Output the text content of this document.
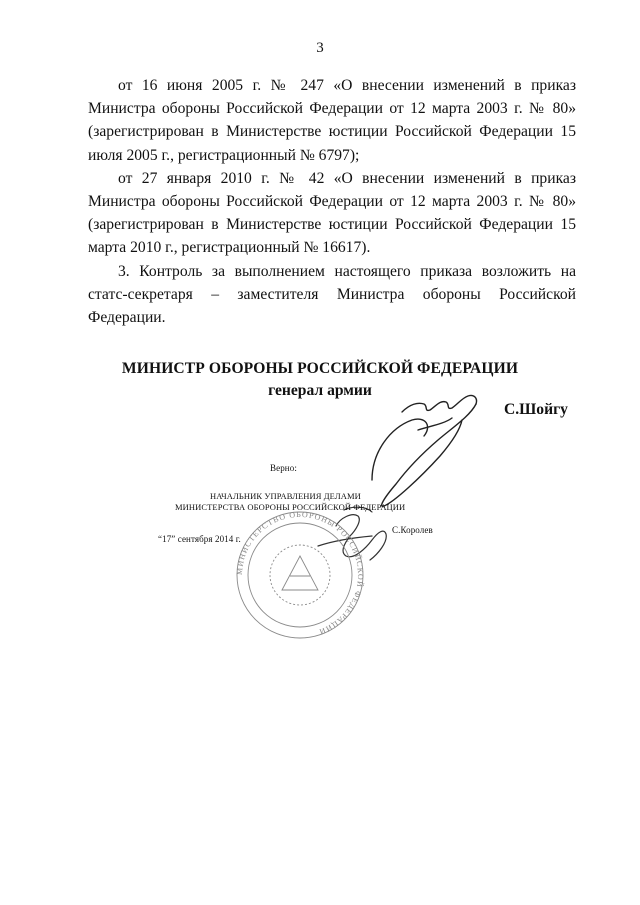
3

от 16 июня 2005 г. № 247 «О внесении изменений в приказ Министра обороны Российской Федерации от 12 марта 2003 г. № 80» (зарегистрирован в Министерстве юстиции Российской Федерации 15 июля 2005 г., регистрационный № 6797);

от 27 января 2010 г. № 42 «О внесении изменений в приказ Министра обороны Российской Федерации от 12 марта 2003 г. № 80» (зарегистрирован в Министерстве юстиции Российской Федерации 15 марта 2010 г., регистрационный № 16617).

3. Контроль за выполнением настоящего приказа возложить на статс-секретаря – заместителя Министра обороны Российской Федерации.

МИНИСТР ОБОРОНЫ РОССИЙСКОЙ ФЕДЕРАЦИИ
генерал армии
С.Шойгу
МИНИСТЕРСТВО ОБОРОНЫ РОССИЙСКОЙ ФЕДЕРАЦИИ
Верно:
НАЧАЛЬНИК УПРАВЛЕНИЯ ДЕЛАМИ
МИНИСТЕРСТВА ОБОРОНЫ РОССИЙСКОЙ ФЕДЕРАЦИИ
“17” сентября 2014 г.
С.Королев
